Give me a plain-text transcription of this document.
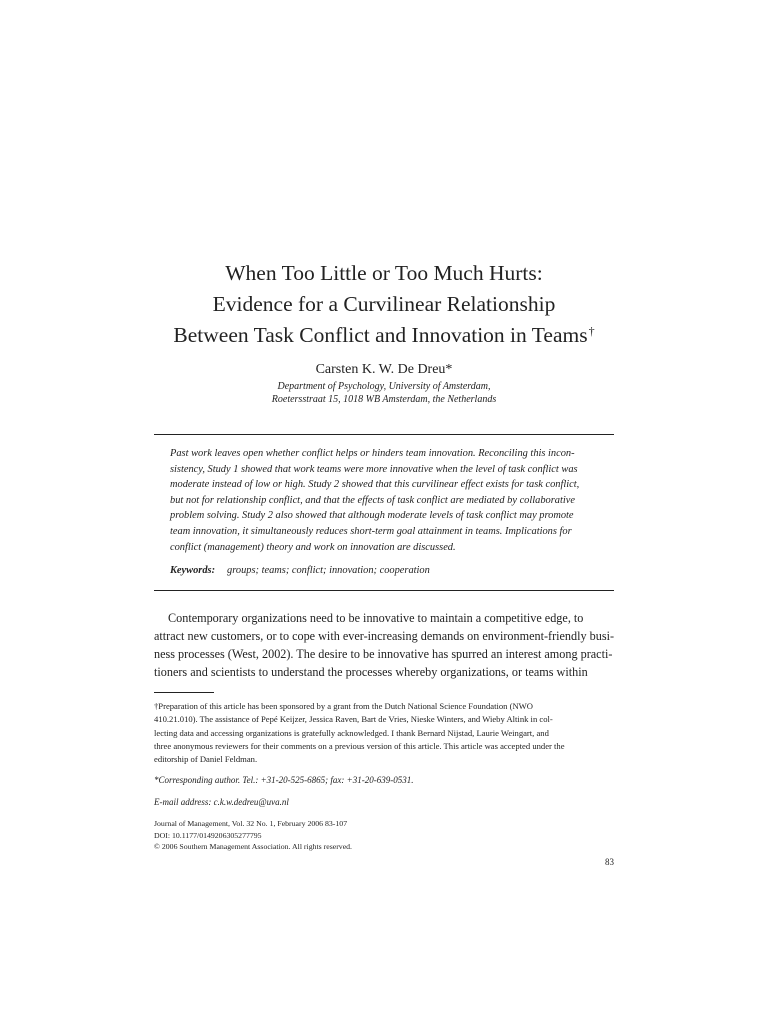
When Too Little or Too Much Hurts:
Evidence for a Curvilinear Relationship
Between Task Conflict and Innovation in Teams†
Carsten K. W. De Dreu*
Department of Psychology, University of Amsterdam,
Roetersstraat 15, 1018 WB Amsterdam, the Netherlands
Past work leaves open whether conflict helps or hinders team innovation. Reconciling this incon-
sistency, Study 1 showed that work teams were more innovative when the level of task conflict was
moderate instead of low or high. Study 2 showed that this curvilinear effect exists for task conflict,
but not for relationship conflict, and that the effects of task conflict are mediated by collaborative
problem solving. Study 2 also showed that although moderate levels of task conflict may promote
team innovation, it simultaneously reduces short-term goal attainment in teams. Implications for
conflict (management) theory and work on innovation are discussed.
Keywords: groups; teams; conflict; innovation; cooperation
Contemporary organizations need to be innovative to maintain a competitive edge, to
attract new customers, or to cope with ever-increasing demands on environment-friendly busi-
ness processes (West, 2002). The desire to be innovative has spurred an interest among practi-
tioners and scientists to understand the processes whereby organizations, or teams within
†Preparation of this article has been sponsored by a grant from the Dutch National Science Foundation (NWO
410.21.010). The assistance of Pepé Keijzer, Jessica Raven, Bart de Vries, Nieske Winters, and Wieby Altink in col-
lecting data and accessing organizations is gratefully acknowledged. I thank Bernard Nijstad, Laurie Weingart, and
three anonymous reviewers for their comments on a previous version of this article. This article was accepted under the
editorship of Daniel Feldman.
*Corresponding author. Tel.: +31-20-525-6865; fax: +31-20-639-0531.
E-mail address: c.k.w.dedreu@uva.nl
Journal of Management, Vol. 32 No. 1, February 2006 83-107
DOI: 10.1177/0149206305277795
© 2006 Southern Management Association. All rights reserved.
83
